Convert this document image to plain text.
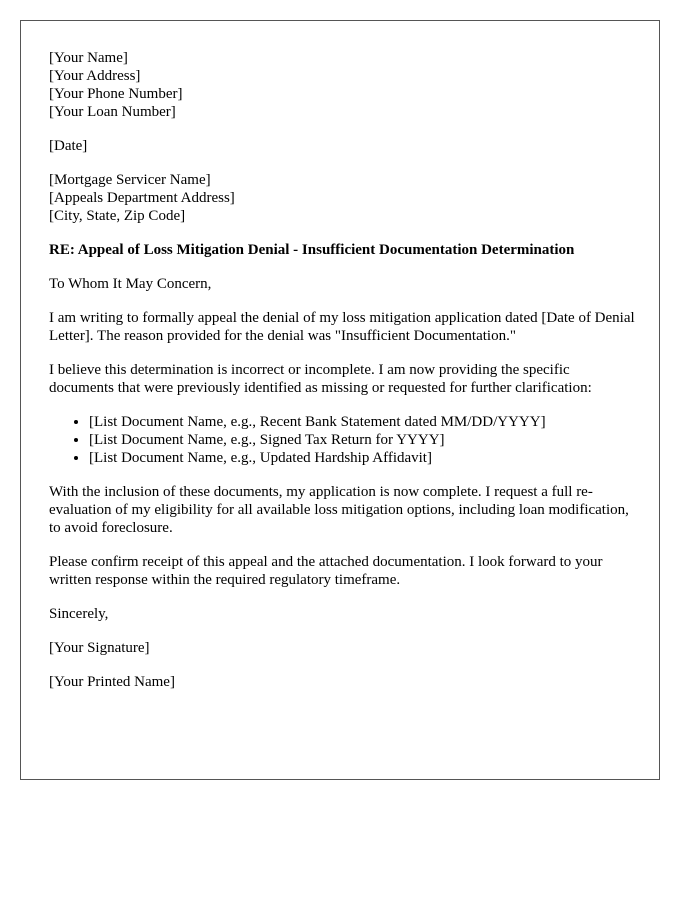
[Your Name]
[Your Address]
[Your Phone Number]
[Your Loan Number]
[Date]
[Mortgage Servicer Name]
[Appeals Department Address]
[City, State, Zip Code]
RE: Appeal of Loss Mitigation Denial - Insufficient Documentation Determination

To Whom It May Concern,

I am writing to formally appeal the denial of my loss mitigation application dated [Date of Denial Letter]. The reason provided for the denial was "Insufficient Documentation."

I believe this determination is incorrect or incomplete. I am now providing the specific documents that were previously identified as missing or requested for further clarification:

• [List Document Name, e.g., Recent Bank Statement dated MM/DD/YYYY]
• [List Document Name, e.g., Signed Tax Return for YYYY]
• [List Document Name, e.g., Updated Hardship Affidavit]

With the inclusion of these documents, my application is now complete. I request a full re-evaluation of my eligibility for all available loss mitigation options, including loan modification, to avoid foreclosure.

Please confirm receipt of this appeal and the attached documentation. I look forward to your written response within the required regulatory timeframe.

Sincerely,

[Your Signature]

[Your Printed Name]
